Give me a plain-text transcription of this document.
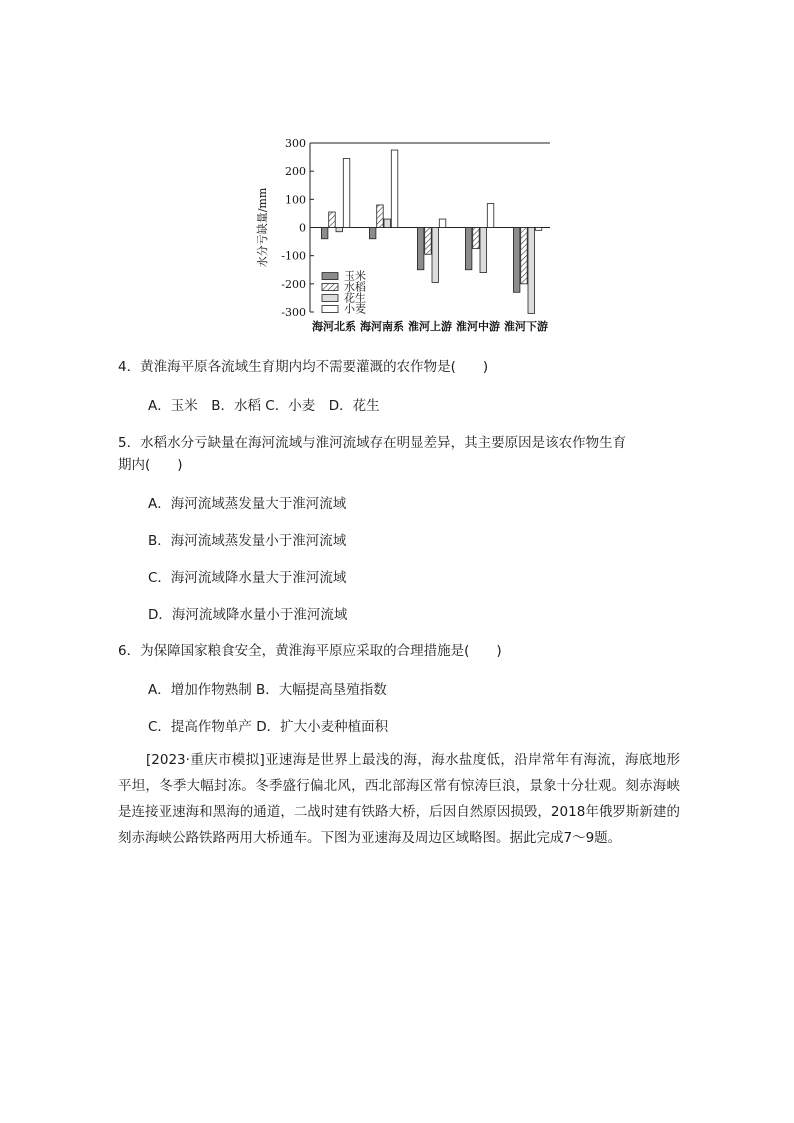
300
200
100
0
-100
-200
-300
水分亏缺量/mm
海河北系 海河南系 淮河上游 淮河中游 淮河下游
玉米
水稻
花生
小麦
4．黄淮海平原各流域生育期内均不需要灌溉的农作物是(　　)
A．玉米　B．水稻 C．小麦　D．花生
5．水稻水分亏缺量在海河流域与淮河流域存在明显差异，其主要原因是该农作物生育
期内(　　)
A．海河流域蒸发量大于淮河流域
B．海河流域蒸发量小于淮河流域
C．海河流域降水量大于淮河流域
D．海河流域降水量小于淮河流域
6．为保障国家粮食安全，黄淮海平原应采取的合理措施是(　　)
A．增加作物熟制 B．大幅提高垦殖指数
C．提高作物单产 D．扩大小麦种植面积
[2023·重庆市模拟]亚速海是世界上最浅的海，海水盐度低，沿岸常年有海流，海底地形平坦，冬季大幅封冻。冬季盛行偏北风，西北部海区常有惊涛巨浪，景象十分壮观。刻赤海峡是连接亚速海和黑海的通道，二战时建有铁路大桥，后因自然原因损毁，2018年俄罗斯新建的刻赤海峡公路铁路两用大桥通车。下图为亚速海及周边区域略图。据此完成7～9题。
